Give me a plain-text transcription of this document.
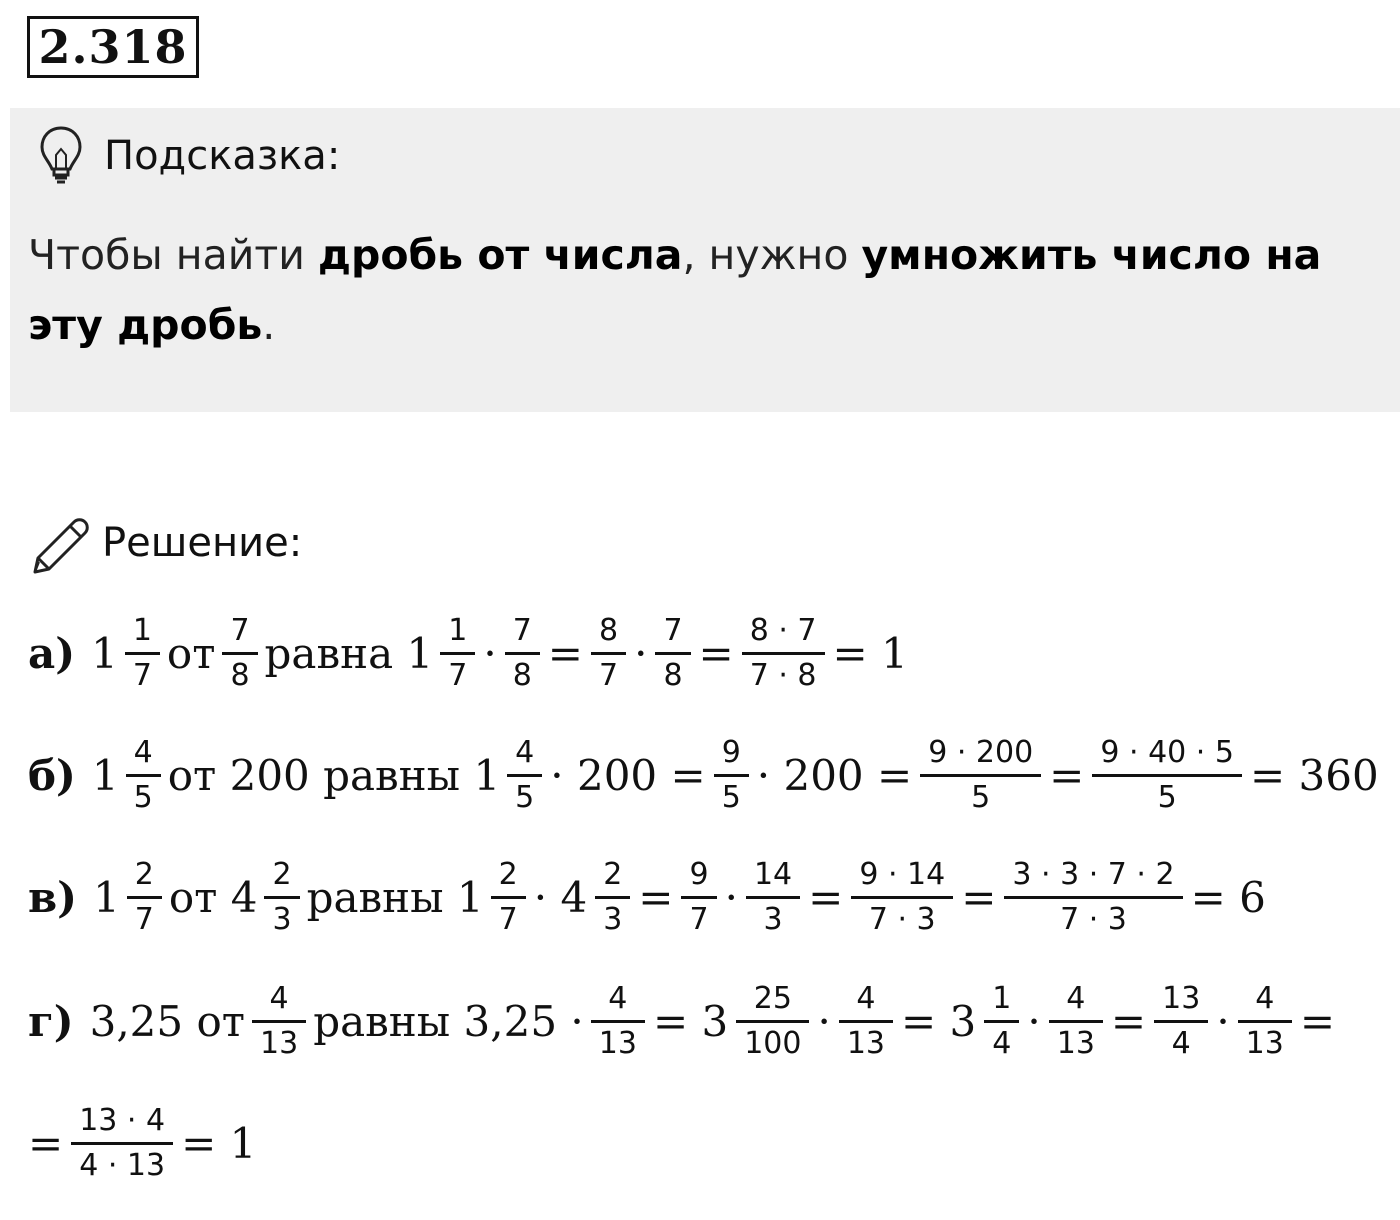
2.318
Подсказка:
Чтобы найти дробь от числа, нужно умножить число на эту дробь.
Решение:
а) $1 \frac{1}{7}$ от $\frac{7}{8}$ равна $1 \frac{1}{7} \cdot \frac{7}{8} = \frac{8}{7} \cdot \frac{7}{8} = \frac{8 \cdot 7}{7 \cdot 8} = 1$
б) $1 \frac{4}{5}$ от 200 равны $1 \frac{4}{5} \cdot 200 = \frac{9}{5} \cdot 200 = \frac{9 \cdot 200}{5} = \frac{9 \cdot 40 \cdot 5}{5} = 360$
в) $1 \frac{2}{7}$ от $4 \frac{2}{3}$ равны $1 \frac{2}{7} \cdot 4 \frac{2}{3} = \frac{9}{7} \cdot \frac{14}{3} = \frac{9 \cdot 14}{7 \cdot 3} = \frac{3 \cdot 3 \cdot 7 \cdot 2}{7 \cdot 3} = 6$
г) 3,25 от $\frac{4}{13}$ равны $3,25 \cdot \frac{4}{13} = 3 \frac{25}{100} \cdot \frac{4}{13} = 3 \frac{1}{4} \cdot \frac{4}{13} = \frac{13}{4} \cdot \frac{4}{13}$ =
= $\frac{13 \cdot 4}{4 \cdot 13} = 1$
